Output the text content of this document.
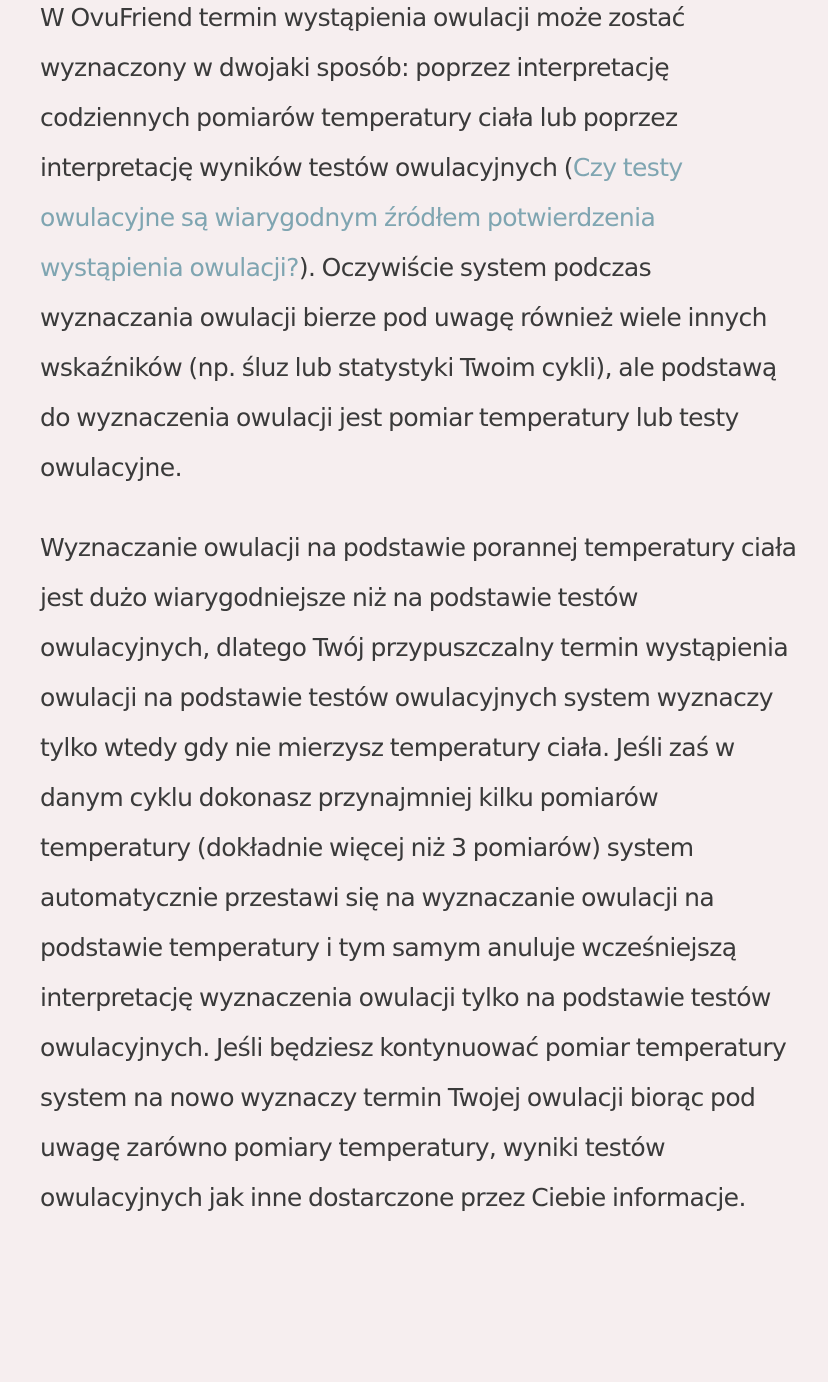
W OvuFriend termin wystąpienia owulacji może zostać wyznaczony w dwojaki sposób: poprzez interpretację codziennych pomiarów temperatury ciała lub poprzez interpretację wyników testów owulacyjnych (Czy testy owulacyjne są wiarygodnym źródłem potwierdzenia wystąpienia owulacji?). Oczywiście system podczas wyznaczania owulacji bierze pod uwagę również wiele innych wskaźników (np. śluz lub statystyki Twoim cykli), ale podstawą do wyznaczenia owulacji jest pomiar temperatury lub testy owulacyjne.

Wyznaczanie owulacji na podstawie porannej temperatury ciała jest dużo wiarygodniejsze niż na podstawie testów owulacyjnych, dlatego Twój przypuszczalny termin wystąpienia owulacji na podstawie testów owulacyjnych system wyznaczy tylko wtedy gdy nie mierzysz temperatury ciała. Jeśli zaś w danym cyklu dokonasz przynajmniej kilku pomiarów temperatury (dokładnie więcej niż 3 pomiarów) system automatycznie przestawi się na wyznaczanie owulacji na podstawie temperatury i tym samym anuluje wcześniejszą interpretację wyznaczenia owulacji tylko na podstawie testów owulacyjnych. Jeśli będziesz kontynuować pomiar temperatury system na nowo wyznaczy termin Twojej owulacji biorąc pod uwagę zarówno pomiary temperatury, wyniki testów owulacyjnych jak inne dostarczone przez Ciebie informacje.
